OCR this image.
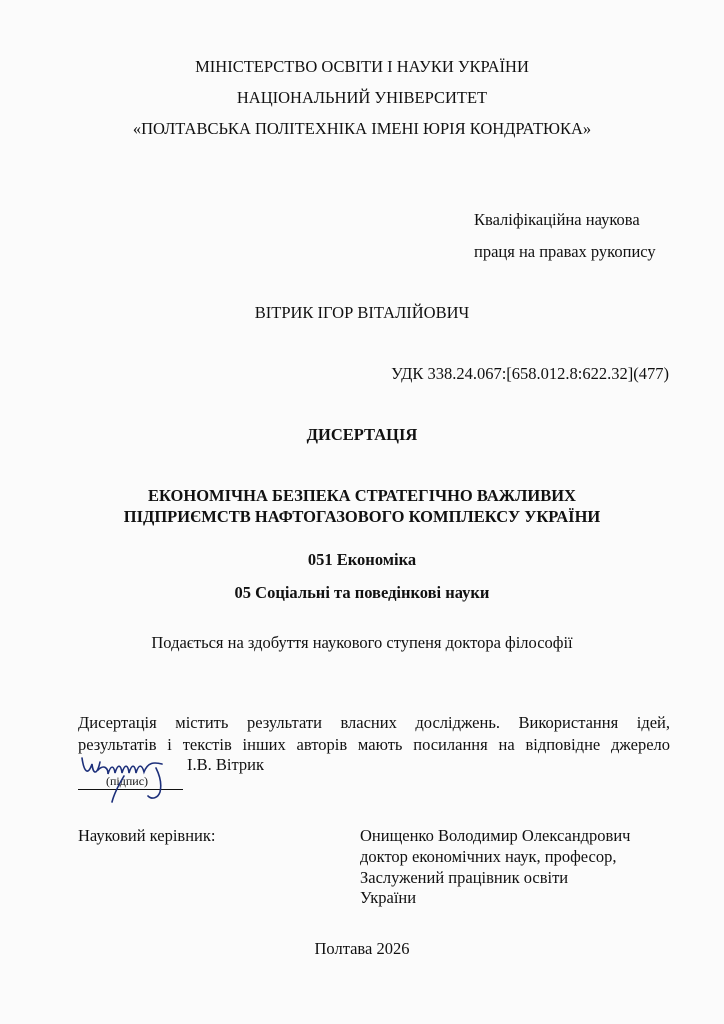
МІНІСТЕРСТВО ОСВІТИ І НАУКИ УКРАЇНИ
НАЦІОНАЛЬНИЙ УНІВЕРСИТЕТ
«ПОЛТАВСЬКА ПОЛІТЕХНІКА ІМЕНІ ЮРІЯ КОНДРАТЮКА»
Кваліфікаційна наукова
праця на правах рукопису
ВІТРИК ІГОР ВІТАЛІЙОВИЧ
УДК 338.24.067:[658.012.8:622.32](477)
ДИСЕРТАЦІЯ
ЕКОНОМІЧНА БЕЗПЕКА СТРАТЕГІЧНО ВАЖЛИВИХ
ПІДПРИЄМСТВ НАФТОГАЗОВОГО КОМПЛЕКСУ УКРАЇНИ
051 Економіка
05 Соціальні та поведінкові науки
Подається на здобуття наукового ступеня доктора філософії
Дисертація містить результати власних досліджень. Використання ідей,
результатів і текстів інших авторів мають посилання на відповідне джерело
(підпис)
І.В. Вітрик
Науковий керівник:	Онищенко Володимир Олександрович
доктор економічних наук, професор,
Заслужений працівник освіти
України
Полтава 2026
